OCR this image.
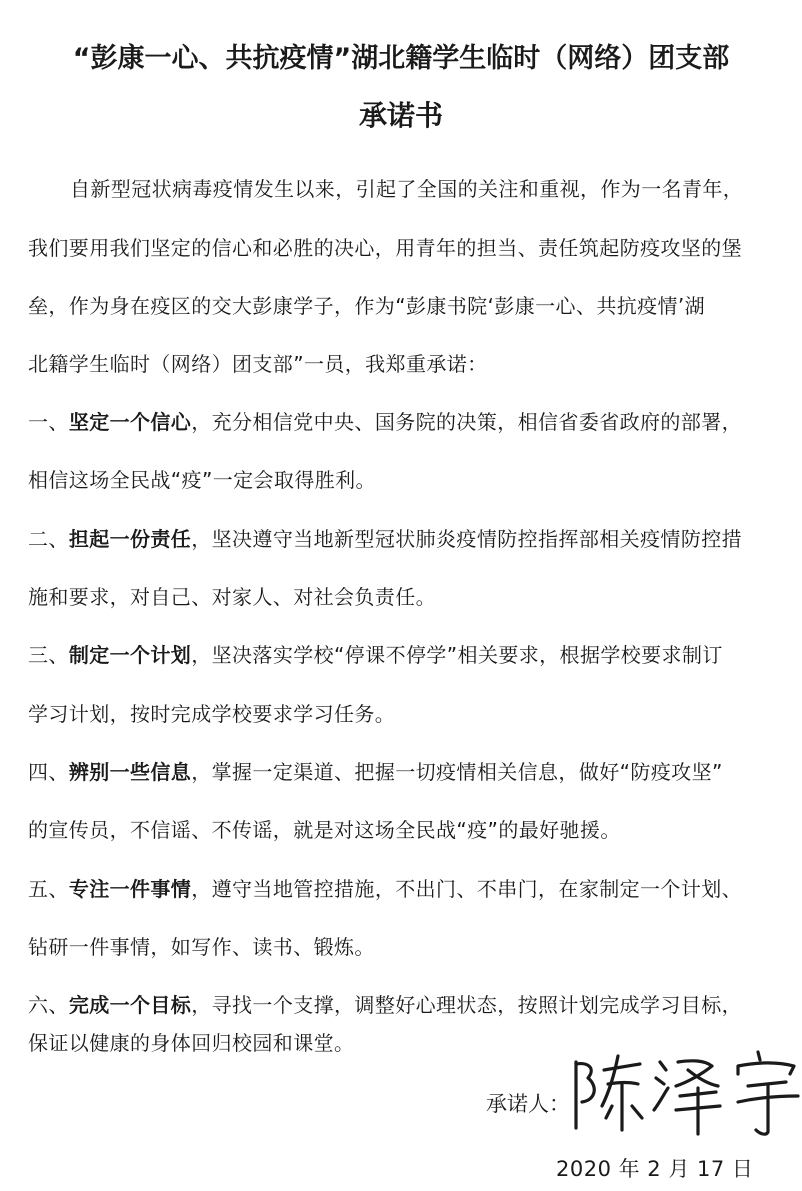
“彭康一心、共抗疫情”湖北籍学生临时（网络）团支部
承诺书
自新型冠状病毒疫情发生以来，引起了全国的关注和重视，作为一名青年，
我们要用我们坚定的信心和必胜的决心，用青年的担当、责任筑起防疫攻坚的堡
垒，作为身在疫区的交大彭康学子，作为“彭康书院‘彭康一心、共抗疫情’湖
北籍学生临时（网络）团支部”一员，我郑重承诺：
一、坚定一个信心，充分相信党中央、国务院的决策，相信省委省政府的部署，
相信这场全民战“疫”一定会取得胜利。
二、担起一份责任，坚决遵守当地新型冠状肺炎疫情防控指挥部相关疫情防控措
施和要求，对自己、对家人、对社会负责任。
三、制定一个计划，坚决落实学校“停课不停学”相关要求，根据学校要求制订
学习计划，按时完成学校要求学习任务。
四、辨别一些信息，掌握一定渠道、把握一切疫情相关信息，做好“防疫攻坚”
的宣传员，不信谣、不传谣，就是对这场全民战“疫”的最好驰援。
五、专注一件事情，遵守当地管控措施，不出门、不串门，在家制定一个计划、
钻研一件事情，如写作、读书、锻炼。
六、完成一个目标，寻找一个支撑，调整好心理状态，按照计划完成学习目标，
保证以健康的身体回归校园和课堂。
承诺人：
2020 年 2 月 17 日
